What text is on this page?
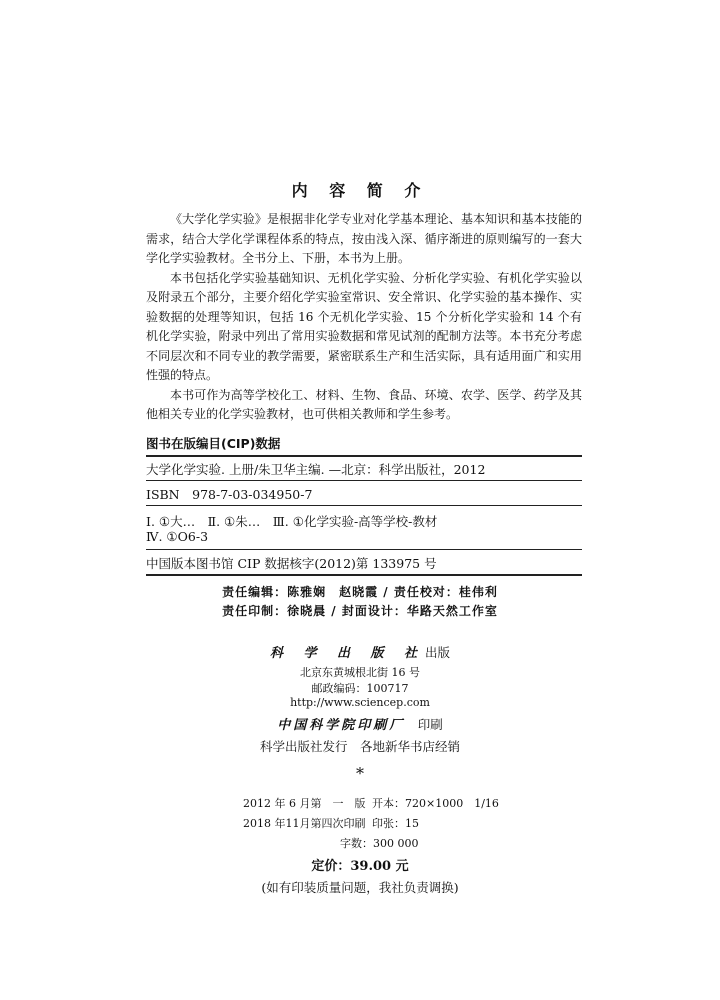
内 容 简 介

《大学化学实验》是根据非化学专业对化学基本理论、基本知识和基本技能的需求，结合大学化学课程体系的特点，按由浅入深、循序渐进的原则编写的一套大学化学实验教材。全书分上、下册，本书为上册。

本书包括化学实验基础知识、无机化学实验、分析化学实验、有机化学实验以及附录五个部分，主要介绍化学实验室常识、安全常识、化学实验的基本操作、实验数据的处理等知识，包括 16 个无机化学实验、15 个分析化学实验和 14 个有机化学实验，附录中列出了常用实验数据和常见试剂的配制方法等。本书充分考虑不同层次和不同专业的教学需要，紧密联系生产和生活实际，具有适用面广和实用性强的特点。

本书可作为高等学校化工、材料、生物、食品、环境、农学、医学、药学及其他相关专业的化学实验教材，也可供相关教师和学生参考。

图书在版编目(CIP)数据
大学化学实验. 上册/朱卫华主编. —北京：科学出版社，2012
ISBN　978-7-03-034950-7
Ⅰ. ①大…　Ⅱ. ①朱…　Ⅲ. ①化学实验-高等学校-教材
Ⅳ. ①O6-3
中国版本图书馆 CIP 数据核字(2012)第 133975 号
责任编辑：陈雅娴　赵晓霞 / 责任校对：桂伟利
责任印制：徐晓晨 / 封面设计：华路天然工作室
科 学 出 版 社出版
北京东黄城根北街 16 号
邮政编码：100717
http://www.sciencep.com
中国科学院印刷厂　 印刷
科学出版社发行　各地新华书店经销
*
2012 年 6 月第　一　版 开本：720×1000　1/16
2018 年11月第四次印刷 印张：15
字数：300 000
定价：39.00 元
(如有印装质量问题，我社负责调换)
